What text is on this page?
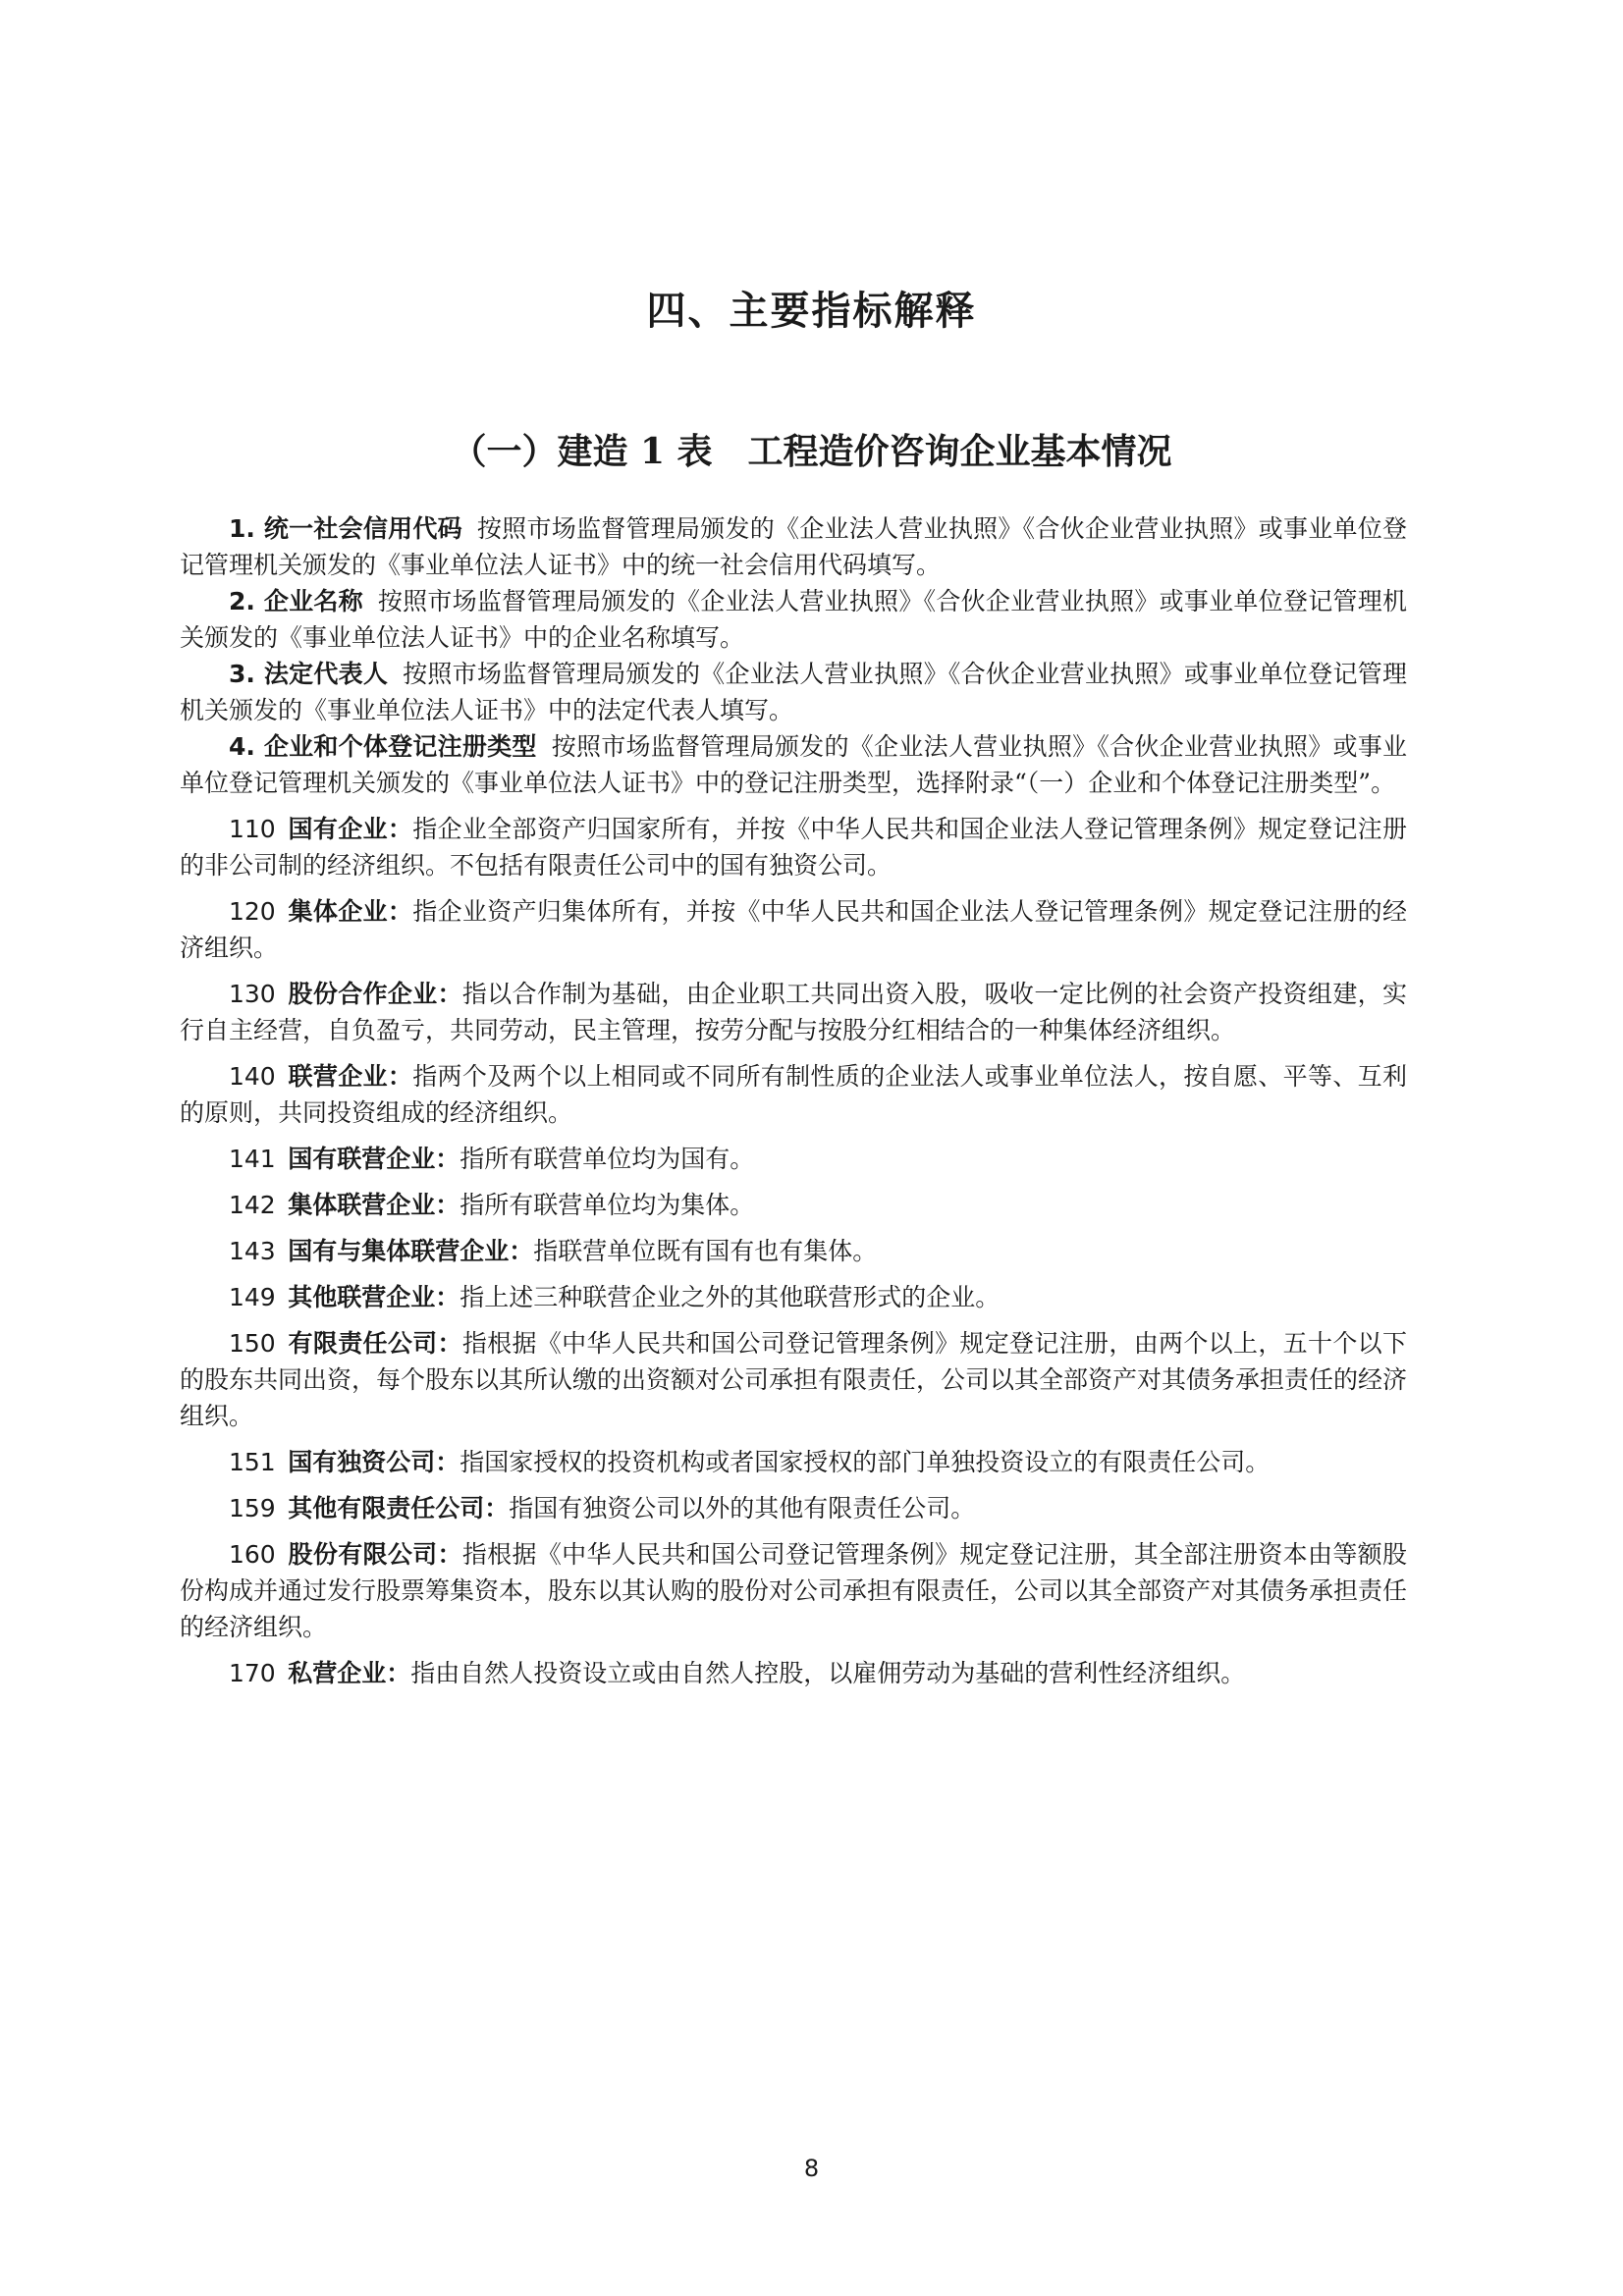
四、主要指标解释
（一）建造 1 表　工程造价咨询企业基本情况

1. 统一社会信用代码 按照市场监督管理局颁发的《企业法人营业执照》《合伙企业营业执照》或事业单位登记管理机关颁发的《事业单位法人证书》中的统一社会信用代码填写。

2. 企业名称 按照市场监督管理局颁发的《企业法人营业执照》《合伙企业营业执照》或事业单位登记管理机关颁发的《事业单位法人证书》中的企业名称填写。

3. 法定代表人 按照市场监督管理局颁发的《企业法人营业执照》《合伙企业营业执照》或事业单位登记管理机关颁发的《事业单位法人证书》中的法定代表人填写。

4. 企业和个体登记注册类型 按照市场监督管理局颁发的《企业法人营业执照》《合伙企业营业执照》或事业单位登记管理机关颁发的《事业单位法人证书》中的登记注册类型，选择附录“（一）企业和个体登记注册类型”。

110 国有企业：指企业全部资产归国家所有，并按《中华人民共和国企业法人登记管理条例》规定登记注册的非公司制的经济组织。不包括有限责任公司中的国有独资公司。

120 集体企业：指企业资产归集体所有，并按《中华人民共和国企业法人登记管理条例》规定登记注册的经济组织。

130 股份合作企业：指以合作制为基础，由企业职工共同出资入股，吸收一定比例的社会资产投资组建，实行自主经营，自负盈亏，共同劳动，民主管理，按劳分配与按股分红相结合的一种集体经济组织。

140 联营企业：指两个及两个以上相同或不同所有制性质的企业法人或事业单位法人，按自愿、平等、互利的原则，共同投资组成的经济组织。

141 国有联营企业：指所有联营单位均为国有。

142 集体联营企业：指所有联营单位均为集体。

143 国有与集体联营企业：指联营单位既有国有也有集体。

149 其他联营企业：指上述三种联营企业之外的其他联营形式的企业。

150 有限责任公司：指根据《中华人民共和国公司登记管理条例》规定登记注册，由两个以上，五十个以下的股东共同出资，每个股东以其所认缴的出资额对公司承担有限责任，公司以其全部资产对其债务承担责任的经济组织。

151 国有独资公司：指国家授权的投资机构或者国家授权的部门单独投资设立的有限责任公司。

159 其他有限责任公司：指国有独资公司以外的其他有限责任公司。

160 股份有限公司：指根据《中华人民共和国公司登记管理条例》规定登记注册，其全部注册资本由等额股份构成并通过发行股票筹集资本，股东以其认购的股份对公司承担有限责任，公司以其全部资产对其债务承担责任的经济组织。

170 私营企业：指由自然人投资设立或由自然人控股，以雇佣劳动为基础的营利性经济组织。

8
